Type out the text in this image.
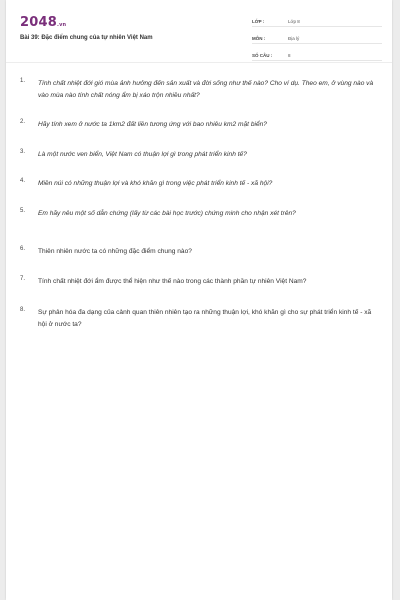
2048.vn
Bài 39: Đặc điểm chung của tự nhiên Việt Nam
LỚP :	Lớp 8
MÔN :	Địa lý
SỐ CÂU :	8
1. Tính chất nhiệt đới gió mùa ảnh hưởng đến sản xuất và đời sống như thế nào? Cho ví dụ. Theo em, ở vùng nào và vào mùa nào tính chất nóng ẩm bị xáo trộn nhiều nhất?
2. Hãy tính xem ở nước ta 1km2 đất liền tương ứng với bao nhiêu km2 mặt biển?
3. Là một nước ven biển, Việt Nam có thuận lợi gì trong phát triển kinh tế?
4. Miền núi có những thuận lợi và khó khăn gì trong việc phát triển kinh tế - xã hội?
5. Em hãy nêu một số dẫn chứng (lấy từ các bài học trước) chứng minh cho nhận xét trên?
6. Thiên nhiên nước ta có những đặc điểm chung nào?
7. Tính chất nhiệt đới ẩm được thể hiện như thế nào trong các thành phần tự nhiên Việt Nam?
8. Sự phân hóa đa dạng của cảnh quan thiên nhiên tạo ra những thuận lợi, khó khăn gì cho sự phát triển kinh tế - xã hội ở nước ta?
